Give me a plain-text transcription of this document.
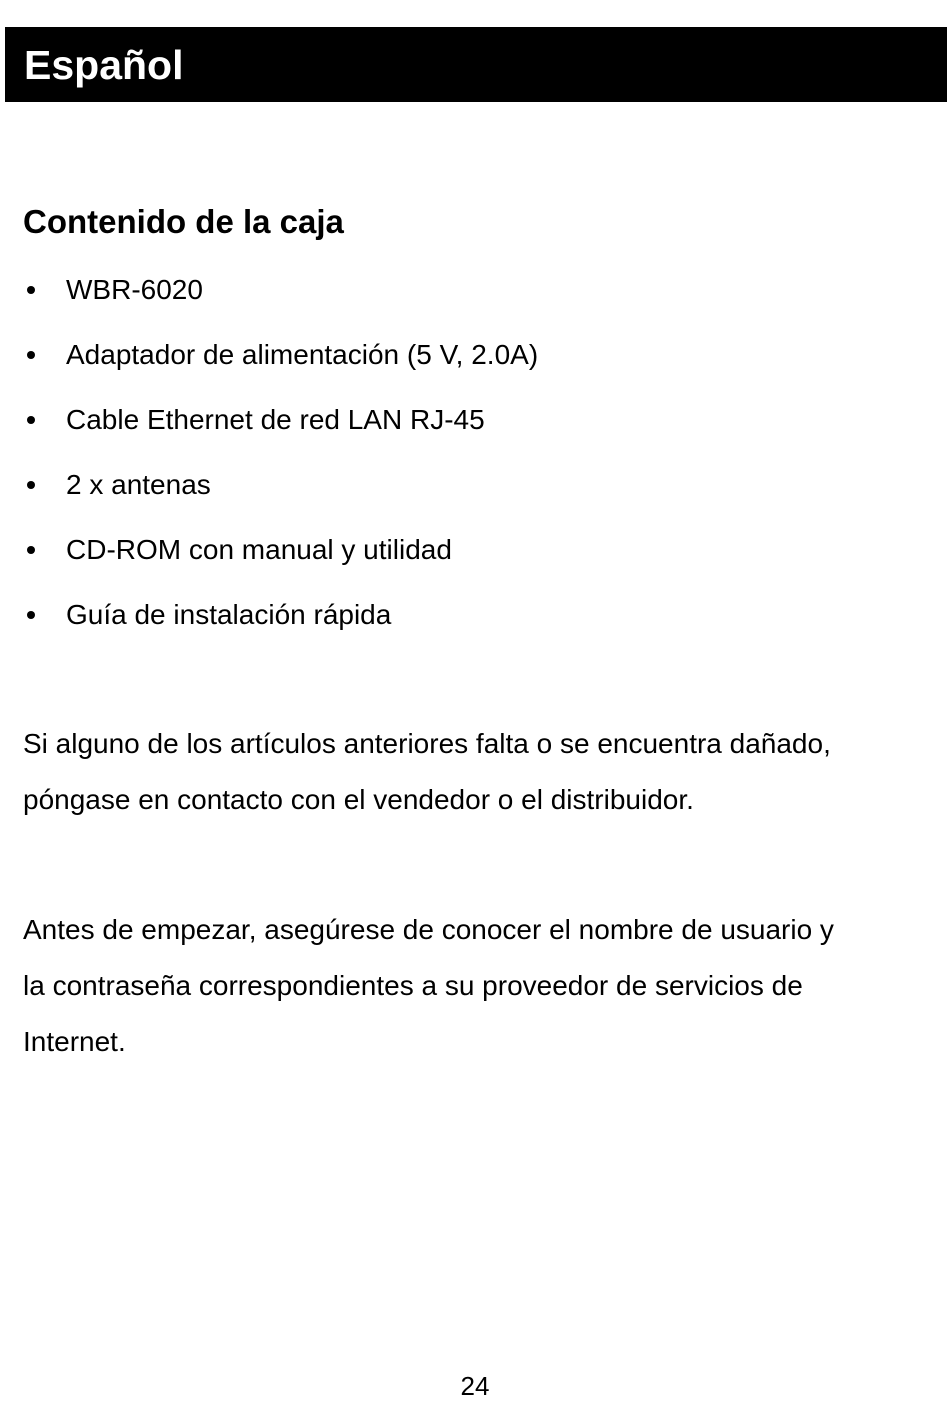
Español
Contenido de la caja
WBR-6020
Adaptador de alimentación (5 V, 2.0A)
Cable Ethernet de red LAN RJ-45
2 x antenas
CD-ROM con manual y utilidad
Guía de instalación rápida

Si alguno de los artículos anteriores falta o se encuentra dañado,
póngase en contacto con el vendedor o el distribuidor.

Antes de empezar, asegúrese de conocer el nombre de usuario y
la contraseña correspondientes a su proveedor de servicios de
Internet.

24
